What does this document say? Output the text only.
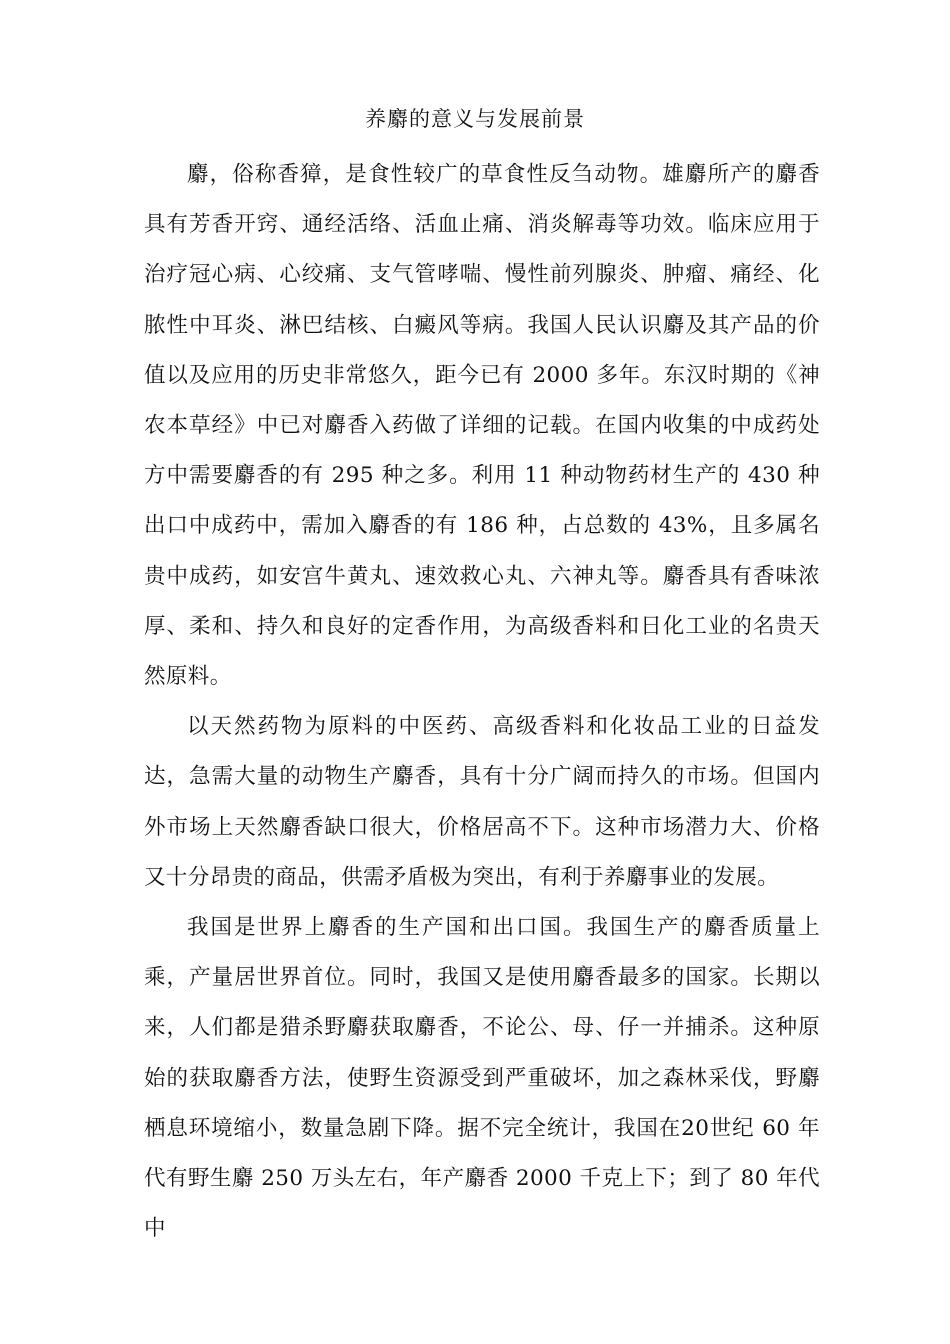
养麝的意义与发展前景

麝，俗称香獐，是食性较广的草食性反刍动物。雄麝所产的麝香具有芳香开窍、通经活络、活血止痛、消炎解毒等功效。临床应用于治疗冠心病、心绞痛、支气管哮喘、慢性前列腺炎、肿瘤、痛经、化脓性中耳炎、淋巴结核、白癜风等病。我国人民认识麝及其产品的价值以及应用的历史非常悠久，距今已有 2000 多年。东汉时期的《神农本草经》中已对麝香入药做了详细的记载。在国内收集的中成药处方中需要麝香的有 295 种之多。利用 11 种动物药材生产的 430 种出口中成药中，需加入麝香的有 186 种，占总数的 43%，且多属名贵中成药，如安宫牛黄丸、速效救心丸、六神丸等。麝香具有香味浓厚、柔和、持久和良好的定香作用，为高级香料和日化工业的名贵天然原料。

以天然药物为原料的中医药、高级香料和化妆品工业的日益发达，急需大量的动物生产麝香，具有十分广阔而持久的市场。但国内外市场上天然麝香缺口很大，价格居高不下。这种市场潜力大、价格又十分昂贵的商品，供需矛盾极为突出，有利于养麝事业的发展。

我国是世界上麝香的生产国和出口国。我国生产的麝香质量上乘，产量居世界首位。同时，我国又是使用麝香最多的国家。长期以来，人们都是猎杀野麝获取麝香，不论公、母、仔一并捕杀。这种原始的获取麝香方法，使野生资源受到严重破坏，加之森林采伐，野麝栖息环境缩小，数量急剧下降。据不完全统计，我国在20世纪 60 年代有野生麝 250 万头左右，年产麝香 2000 千克上下；到了 80 年代中
